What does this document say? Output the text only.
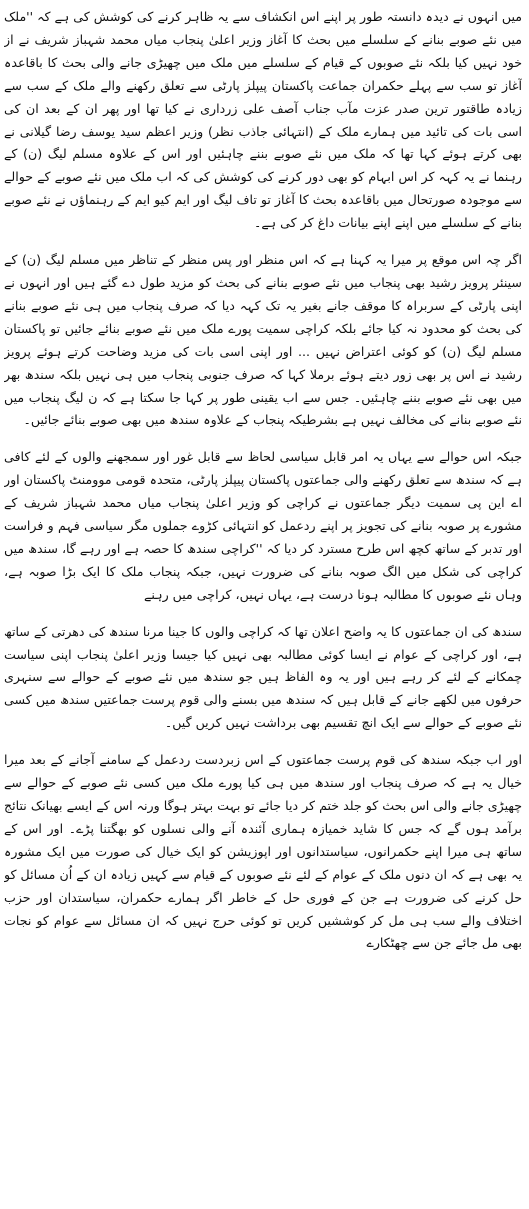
میں انہوں نے دیدہ دانستہ طور پر اپنے اس انکشاف سے یہ ظاہر کرنے کی کوشش کی ہے کہ ''ملک میں نئے صوبے بنانے کے سلسلے میں بحث کا آغاز وزیر اعلیٰ پنجاب میاں محمد شہباز شریف نے از خود نہیں کیا بلکہ نئے صوبوں کے قیام کے سلسلے میں ملک میں چھیڑی جانے والی بحث کا باقاعدہ آغاز تو سب سے پہلے حکمران جماعت پاکستان پیپلز پارٹی سے تعلق رکھنے والے ملک کے سب سے زیادہ طاقتور ترین صدر عزت مآب جناب آصف علی زرداری نے کیا تھا اور پھر ان کے بعد ان کی اسی بات کی تائید میں ہمارے ملک کے (انتہائی جاذب نظر) وزیر اعظم سید یوسف رضا گیلانی نے بھی کرتے ہوئے کہا تھا کہ ملک میں نئے صوبے بننے چاہئیں اور اس کے علاوہ مسلم لیگ (ن) کے رہنما نے یہ کہہ کر اس ابہام کو بھی دور کرنے کی کوشش کی کہ اب ملک میں نئے صوبے کے حوالے سے موجودہ صورتحال میں باقاعدہ بحث کا آغاز تو تاف لیگ اور ایم کیو ایم کے رہنماؤں نے نئے صوبے بنانے کے سلسلے میں اپنے اپنے بیانات داغ کر کی ہے۔

اگر چہ اس موقع پر میرا یہ کہنا ہے کہ اس منظر اور پس منظر کے تناظر میں مسلم لیگ (ن) کے سینئر پرویز رشید بھی پنجاب میں نئے صوبے بنانے کی بحث کو مزید طول دے گئے ہیں اور انہوں نے اپنی پارٹی کے سربراہ کا موقف جانے بغیر یہ تک کہہ دیا کہ صرف پنجاب میں ہی نئے صوبے بنانے کی بحث کو محدود نہ کیا جائے بلکہ کراچی سمیت پورے ملک میں نئے صوبے بنائے جائیں تو پاکستان مسلم لیگ (ن) کو کوئی اعتراض نہیں ... اور اپنی اسی بات کی مزید وضاحت کرتے ہوئے پرویز رشید نے اس پر بھی زور دیتے ہوئے برملا کہا کہ صرف جنوبی پنجاب میں ہی نہیں بلکہ سندھ بھر میں بھی نئے صوبے بننے چاہئیں۔ جس سے اب یقینی طور پر کہا جا سکتا ہے کہ ن لیگ پنجاب میں نئے صوبے بنانے کی مخالف نہیں ہے بشرطیکہ پنجاب کے علاوہ سندھ میں بھی صوبے بنائے جائیں۔

جبکہ اس حوالے سے یہاں یہ امر قابل سیاسی لحاظ سے قابل غور اور سمجھنے والوں کے لئے کافی ہے کہ سندھ سے تعلق رکھنے والی جماعتوں پاکستان پیپلز پارٹی، متحدہ قومی موومنٹ پاکستان اور اے این پی سمیت دیگر جماعتوں نے کراچی کو وزیر اعلیٰ پنجاب میاں محمد شہباز شریف کے مشورے پر صوبہ بنانے کی تجویز پر اپنے ردعمل کو انتہائی کڑوے جملوں مگر سیاسی فہم و فراست اور تدبر کے ساتھ کچھ اس طرح مسترد کر دیا کہ ''کراچی سندھ کا حصہ ہے اور رہے گا، سندھ میں کراچی کی شکل میں الگ صوبہ بنانے کی ضرورت نہیں، جبکہ پنجاب ملک کا ایک بڑا صوبہ ہے، وہاں نئے صوبوں کا مطالبہ ہونا درست ہے، یہاں نہیں، کراچی میں رہنے

سندھ کی ان جماعتوں کا یہ واضح اعلان تھا کہ کراچی والوں کا جینا مرنا سندھ کی دھرتی کے ساتھ ہے، اور کراچی کے عوام نے ایسا کوئی مطالبہ بھی نہیں کیا جیسا وزیر اعلیٰ پنجاب اپنی سیاست چمکانے کے لئے کر رہے ہیں اور یہ وہ الفاظ ہیں جو سندھ میں نئے صوبے کے حوالے سے سنہری حرفوں میں لکھے جانے کے قابل ہیں کہ سندھ میں بسنے والی قوم پرست جماعتیں سندھ میں کسی نئے صوبے کے حوالے سے ایک انچ تقسیم بھی برداشت نہیں کریں گیں۔

اور اب جبکہ سندھ کی قوم پرست جماعتوں کے اس زبردست ردعمل کے سامنے آجانے کے بعد میرا خیال یہ ہے کہ صرف پنجاب اور سندھ میں ہی کیا پورے ملک میں کسی نئے صوبے کے حوالے سے چھیڑی جانے والی اس بحث کو جلد ختم کر دیا جائے تو بہت بہتر ہوگا ورنہ اس کے ایسے بھیانک نتائج برآمد ہوں گے کہ جس کا شاید خمیازہ ہماری آئندہ آنے والی نسلوں کو بھگتنا پڑے۔ اور اس کے ساتھ ہی میرا اپنے حکمرانوں، سیاستدانوں اور اپوزیشن کو ایک خیال کی صورت میں ایک مشورہ یہ بھی ہے کہ ان دنوں ملک کے عوام کے لئے نئے صوبوں کے قیام سے کہیں زیادہ ان کے اُن مسائل کو حل کرنے کی ضرورت ہے جن کے فوری حل کے خاطر اگر ہمارے حکمران، سیاستدان اور حزب اختلاف والے سب ہی مل کر کوششیں کریں تو کوئی حرج نہیں کہ ان مسائل سے عوام کو نجات بھی مل جائے جن سے چھٹکارے
